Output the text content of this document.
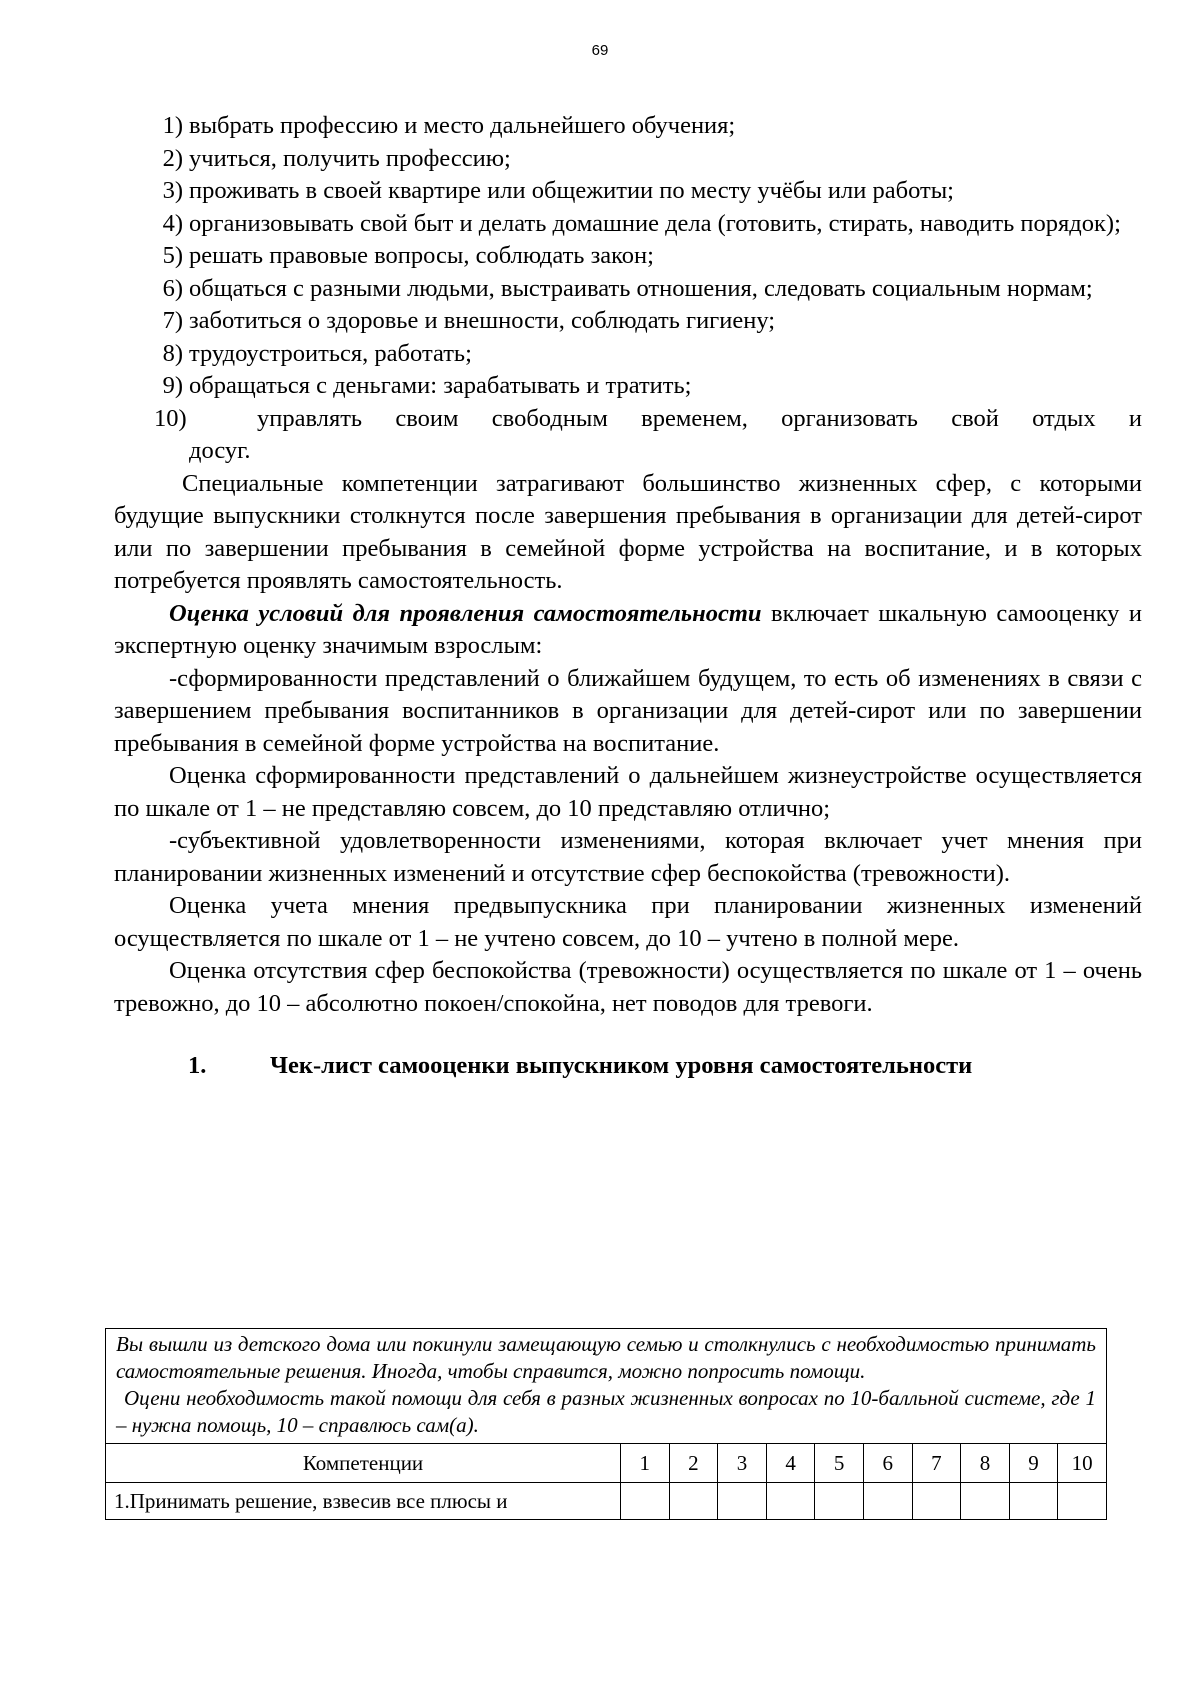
69
1) выбрать профессию и место дальнейшего обучения;
2) учиться, получить профессию;
3) проживать в своей квартире или общежитии по месту учёбы или работы;
4) организовывать свой быт и делать домашние дела (готовить, стирать, наводить порядок);
5) решать правовые вопросы, соблюдать закон;
6) общаться с разными людьми, выстраивать отношения, следовать социальным нормам;
7) заботиться о здоровье и внешности, соблюдать гигиену;
8) трудоустроиться, работать;
9) обращаться с деньгами: зарабатывать и тратить;
10)	управлять своим свободным временем, организовать свой отдых и
досуг.

Специальные компетенции затрагивают большинство жизненных сфер, с которыми будущие выпускники столкнутся после завершения пребывания в организации для детей-сирот или по завершении пребывания в семейной форме устройства на воспитание, и в которых потребуется проявлять самостоятельность.

Оценка условий для проявления самостоятельности включает шкальную самооценку и экспертную оценку значимым взрослым:

-сформированности представлений о ближайшем будущем, то есть об изменениях в связи с завершением пребывания воспитанников в организации для детей-сирот или по завершении пребывания в семейной форме устройства на воспитание.

Оценка сформированности представлений о дальнейшем жизнеустройстве осуществляется по шкале от 1 – не представляю совсем, до 10 представляю отлично;

-субъективной удовлетворенности изменениями, которая включает учет мнения при планировании жизненных изменений и отсутствие сфер беспокойства (тревожности).

Оценка учета мнения предвыпускника при планировании жизненных изменений осуществляется по шкале от 1 – не учтено совсем, до 10 – учтено в полной мере.

Оценка отсутствия сфер беспокойства (тревожности) осуществляется по шкале от 1 – очень тревожно, до 10 – абсолютно покоен/спокойна, нет поводов для тревоги.

1.	Чек-лист самооценки выпускником уровня самостоятельности

Вы вышли из детского дома или покинули замещающую семью и столкнулись с необходимостью принимать самостоятельные решения. Иногда, чтобы справится, можно попросить помощи.

Оцени необходимость такой помощи для себя в разных жизненных вопросах по 10-балльной системе, где 1 – нужна помощь, 10 – справлюсь сам(а).										

Компетенции	1	2	3	4	5	6	7	8	9	10
1.Принимать решение, взвесив все плюсы и										
